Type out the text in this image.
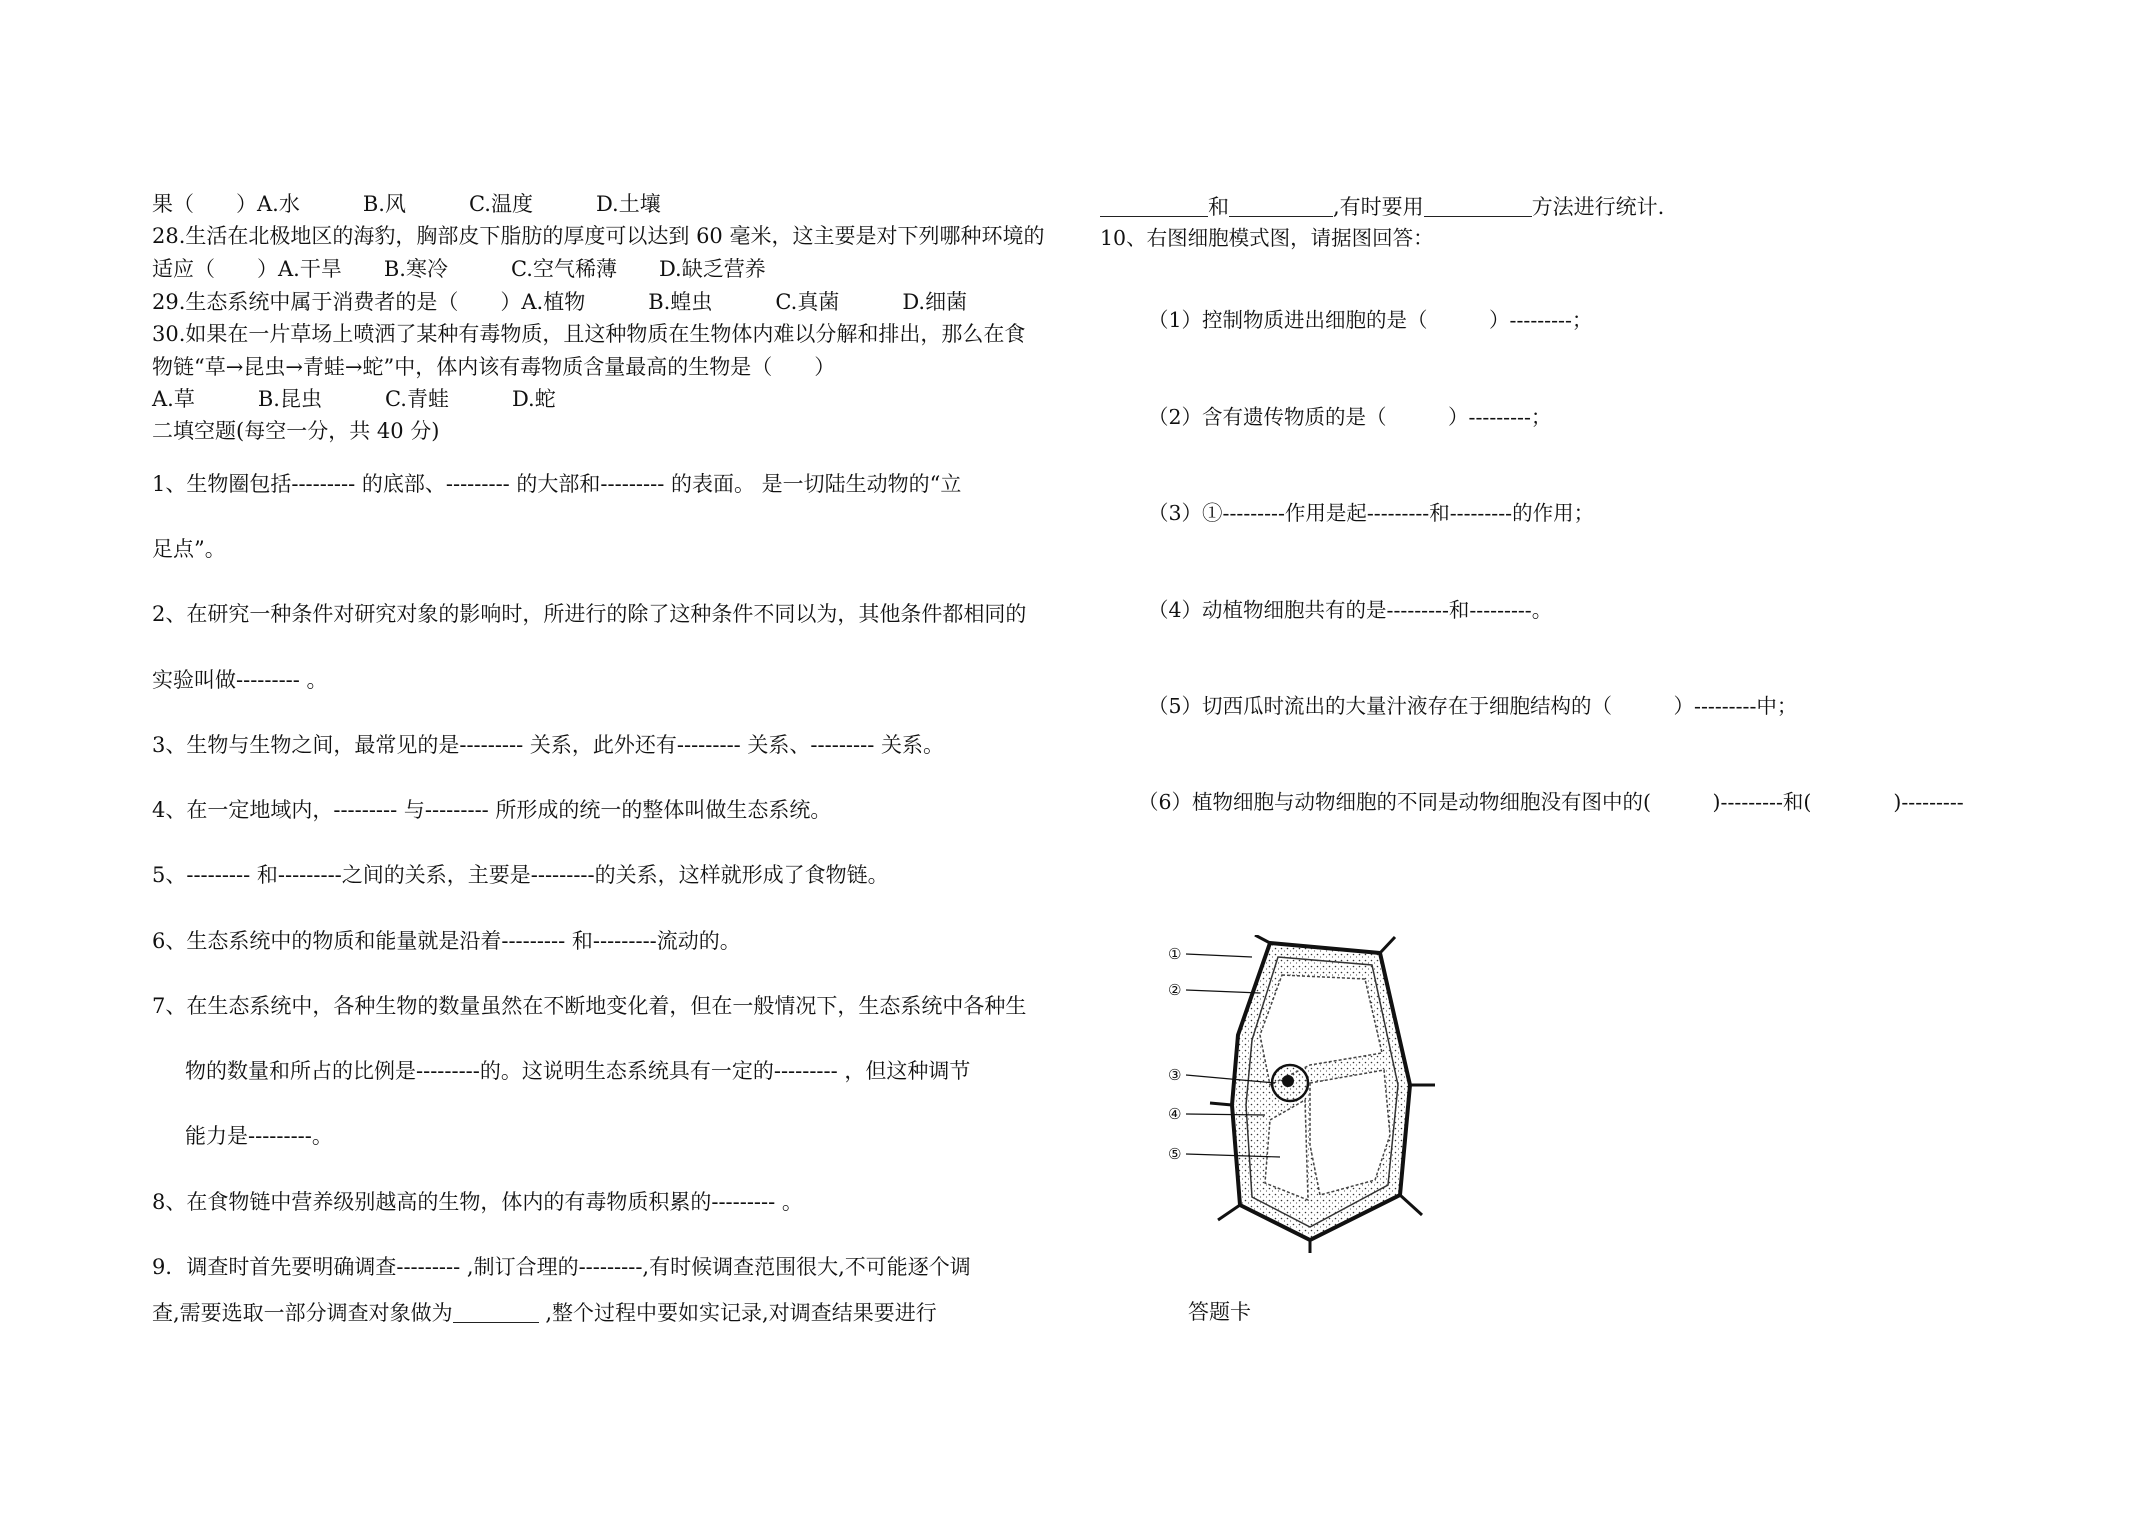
果（　　）A.水　　　B.风　　　C.温度　　　D.土壤
28.生活在北极地区的海豹，胸部皮下脂肪的厚度可以达到 60 毫米，这主要是对下列哪种环境的
适应（　　）A.干旱　　B.寒冷　　　C.空气稀薄　　D.缺乏营养
29.生态系统中属于消费者的是（　　）A.植物　　　B.蝗虫　　　C.真菌　　　D.细菌
30.如果在一片草场上喷洒了某种有毒物质，且这种物质在生物体内难以分解和排出，那么在食
物链“草→昆虫→青蛙→蛇”中，体内该有毒物质含量最高的生物是（　　）
A.草　　　B.昆虫　　　C.青蛙　　　D.蛇
二填空题(每空一分，共 40 分)
1、生物圈包括--------- 的底部、--------- 的大部和--------- 的表面。 是一切陆生动物的“立
足点”。
2、在研究一种条件对研究对象的影响时，所进行的除了这种条件不同以为，其他条件都相同的
实验叫做--------- 。
3、生物与生物之间，最常见的是--------- 关系，此外还有--------- 关系、--------- 关系。
4、在一定地域内，--------- 与--------- 所形成的统一的整体叫做生态系统。
5、--------- 和---------之间的关系，主要是---------的关系，这样就形成了食物链。
6、生态系统中的物质和能量就是沿着--------- 和---------流动的。
7、在生态系统中，各种生物的数量虽然在不断地变化着，但在一般情况下，生态系统中各种生
物的数量和所占的比例是---------的。这说明生态系统具有一定的--------- ，但这种调节
能力是---------。
8、在食物链中营养级别越高的生物，体内的有毒物质积累的--------- 。
9．调查时首先要明确调查--------- ,制订合理的---------,有时候调查范围很大,不可能逐个调
查,需要选取一部分调查对象做为	,整个过程中要如实记录,对调查结果要进行
和	,有时要用	方法进行统计.
10、右图细胞模式图，请据图回答：
（1）控制物质进出细胞的是（　　　）---------；
（2）含有遗传物质的是（　　　）---------；
（3）①---------作用是起---------和---------的作用；
（4）动植物细胞共有的是---------和---------。
（5）切西瓜时流出的大量汁液存在于细胞结构的（　　　）---------中；
（6）植物细胞与动物细胞的不同是动物细胞没有图中的(　　　)---------和(　　　　)---------
①
②
③
④
⑤
答题卡
